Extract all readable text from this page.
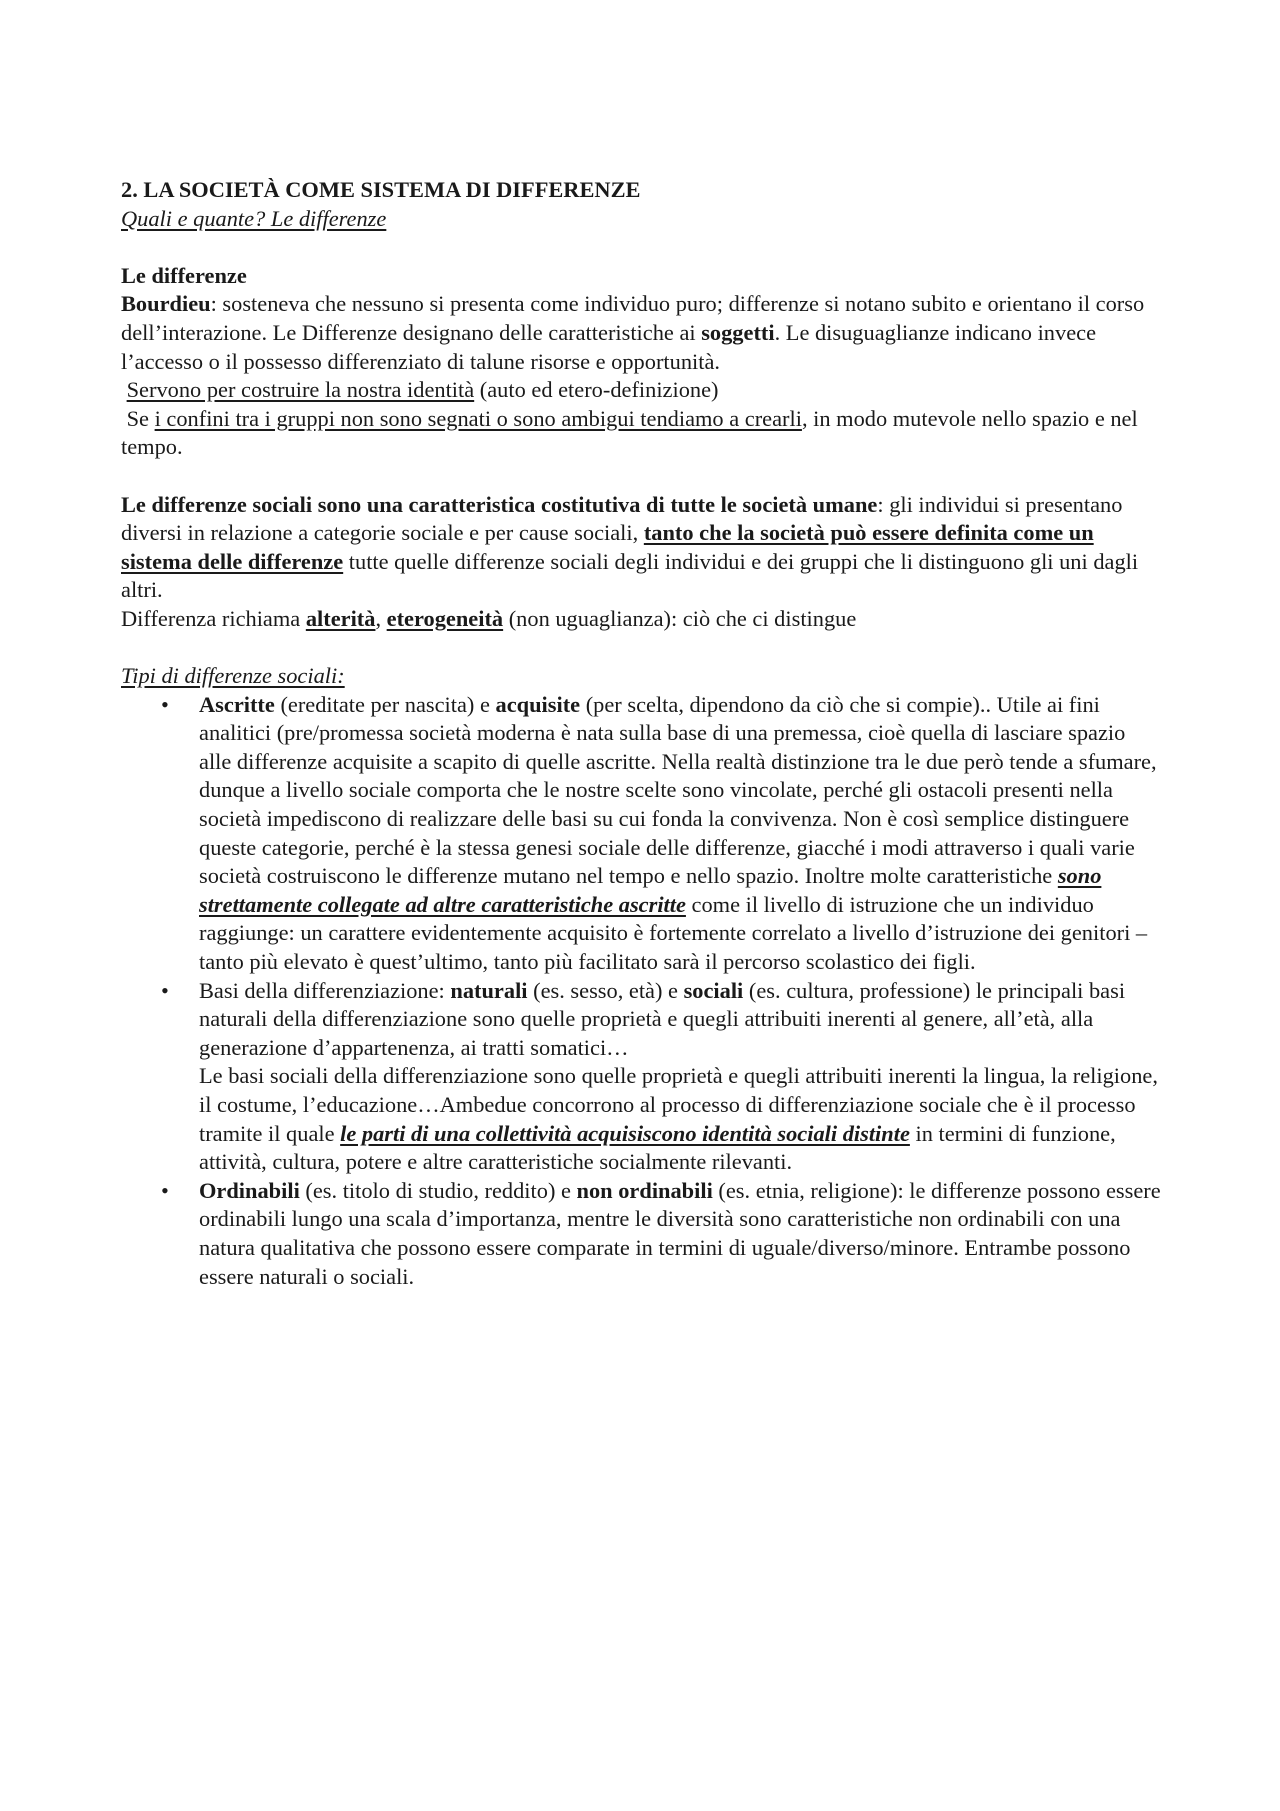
2. LA SOCIETÀ COME SISTEMA DI DIFFERENZE

Quali e quante? Le differenze

Le differenze

Bourdieu: sosteneva che nessuno si presenta come individuo puro; differenze si notano subito e orientano il corso dell’interazione. Le Differenze designano delle caratteristiche ai soggetti. Le disuguaglianze indicano invece l’accesso o il possesso differenziato di talune risorse e opportunità.

Servono per costruire la nostra identità (auto ed etero-definizione)

Se i confini tra i gruppi non sono segnati o sono ambigui tendiamo a crearli, in modo mutevole nello spazio e nel tempo.

Le differenze sociali sono una caratteristica costitutiva di tutte le società umane: gli individui si presentano diversi in relazione a categorie sociale e per cause sociali, tanto che la società può essere definita come un sistema delle differenze tutte quelle differenze sociali degli individui e dei gruppi che li distinguono gli uni dagli altri.

Differenza richiama alterità, eterogeneità (non uguaglianza): ciò che ci distingue

Tipi di differenze sociali:

• Ascritte (ereditate per nascita) e acquisite (per scelta, dipendono da ciò che si compie).. Utile ai fini analitici (pre/promessa società moderna è nata sulla base di una premessa, cioè quella di lasciare spazio alle differenze acquisite a scapito di quelle ascritte. Nella realtà distinzione tra le due però tende a sfumare, dunque a livello sociale comporta che le nostre scelte sono vincolate, perché gli ostacoli presenti nella società impediscono di realizzare delle basi su cui fonda la convivenza. Non è così semplice distinguere queste categorie, perché è la stessa genesi sociale delle differenze, giacché i modi attraverso i quali varie società costruiscono le differenze mutano nel tempo e nello spazio. Inoltre molte caratteristiche sono strettamente collegate ad altre caratteristiche ascritte come il livello di istruzione che un individuo raggiunge: un carattere evidentemente acquisito è fortemente correlato a livello d’istruzione dei genitori – tanto più elevato è quest’ultimo, tanto più facilitato sarà il percorso scolastico dei figli.
• Basi della differenziazione: naturali (es. sesso, età) e sociali (es. cultura, professione) le principali basi naturali della differenziazione sono quelle proprietà e quegli attribuiti inerenti al genere, all’età, alla generazione d’appartenenza, ai tratti somatici…
Le basi sociali della differenziazione sono quelle proprietà e quegli attribuiti inerenti la lingua, la religione, il costume, l’educazione…Ambedue concorrono al processo di differenziazione sociale che è il processo tramite il quale le parti di una collettività acquisiscono identità sociali distinte in termini di funzione, attività, cultura, potere e altre caratteristiche socialmente rilevanti.
• Ordinabili (es. titolo di studio, reddito) e non ordinabili (es. etnia, religione): le differenze possono essere ordinabili lungo una scala d’importanza, mentre le diversità sono caratteristiche non ordinabili con una natura qualitativa che possono essere comparate in termini di uguale/diverso/minore. Entrambe possono essere naturali o sociali.
